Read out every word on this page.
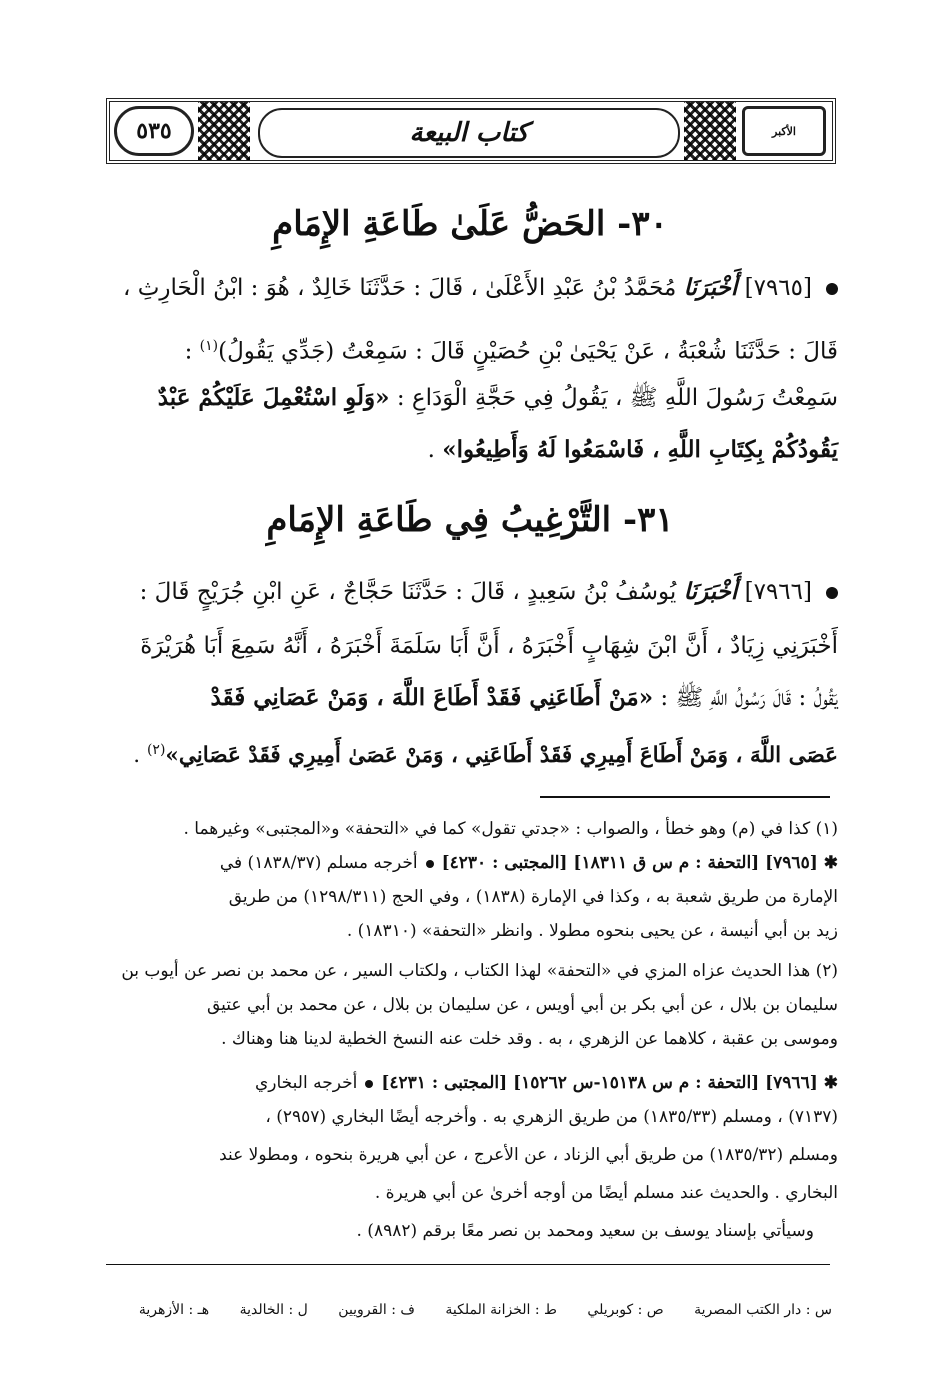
الأكبر
كتاب البيعة
٥٣٥
٣٠- الحَضُّ عَلَىٰ طَاعَةِ الإِمَامِ
[٧٩٦٥] أَخْبَرَنَا مُحَمَّدُ بْنُ عَبْدِ الأَعْلَىٰ ، قَالَ : حَدَّثَنَا خَالِدٌ ، هُوَ : ابْنُ الْحَارِثِ ،
قَالَ : حَدَّثَنَا شُعْبَةُ ، عَنْ يَحْيَىٰ بْنِ حُصَيْنٍ قَالَ : سَمِعْتُ (جَدِّي يَقُولُ)$^{(١)}$ :
سَمِعْتُ رَسُولَ اللَّهِ ﷺ ، يَقُولُ فِي حَجَّةِ الْوَدَاعِ : «وَلَوِ اسْتُعْمِلَ عَلَيْكُمْ عَبْدٌ
يَقُودُكُمْ بِكِتَابِ اللَّهِ ، فَاسْمَعُوا لَهُ وَأَطِيعُوا» .
٣١- التَّرْغِيبُ فِي طَاعَةِ الإِمَامِ
[٧٩٦٦] أَخْبَرَنَا يُوسُفُ بْنُ سَعِيدٍ ، قَالَ : حَدَّثَنَا حَجَّاجٌ ، عَنِ ابْنِ جُرَيْجٍ قَالَ :
أَخْبَرَنِي زِيَادٌ ، أَنَّ ابْنَ شِهَابٍ أَخْبَرَهُ ، أَنَّ أَبَا سَلَمَةَ أَخْبَرَهُ ، أَنَّهُ سَمِعَ أَبَا هُرَيْرَةَ
يَقُولُ : قَالَ رَسُولُ اللَّهِ ﷺ : «مَنْ أَطَاعَنِي فَقَدْ أَطَاعَ اللَّهَ ، وَمَنْ عَصَانِي فَقَدْ
عَصَى اللَّهَ ، وَمَنْ أَطَاعَ أَمِيرِي فَقَدْ أَطَاعَنِي ، وَمَنْ عَصَىٰ أَمِيرِي فَقَدْ عَصَانِي»$^{(٢)}$ .
(١) كذا في (م) وهو خطأ ، والصواب : «جدتي تقول» كما في «التحفة» و«المجتبى» وغيرهما .
✱[٧٩٦٥] [التحفة : م س ق ١٨٣١١] [المجتبى : ٤٢٣٠]أخرجه مسلم (١٨٣٨/٣٧) في
الإمارة من طريق شعبة به ، وكذا في الإمارة (١٨٣٨) ، وفي الحج (١٢٩٨/٣١١) من طريق
زيد بن أبي أنيسة ، عن يحيى بنحوه مطولا . وانظر «التحفة» (١٨٣١٠) .
(٢) هذا الحديث عزاه المزي في «التحفة» لهذا الكتاب ، ولكتاب السير ، عن محمد بن نصر عن أيوب بن
سليمان بن بلال ، عن أبي بكر بن أبي أويس ، عن سليمان بن بلال ، عن محمد بن أبي عتيق
وموسى بن عقبة ، كلاهما عن الزهري ، به . وقد خلت عنه النسخ الخطية لدينا هنا وهناك .
✱[٧٩٦٦] [التحفة : م س ١٥١٣٨-س ١٥٢٦٢] [المجتبى : ٤٢٣١]أخرجه البخاري
(٧١٣٧) ، ومسلم (١٨٣٥/٣٣) من طريق الزهري به . وأخرجه أيضًا البخاري (٢٩٥٧) ،
ومسلم (١٨٣٥/٣٢) من طريق أبي الزناد ، عن الأعرج ، عن أبي هريرة بنحوه ، ومطولا عند
البخاري . والحديث عند مسلم أيضًا من أوجه أخرىٰ عن أبي هريرة .
وسيأتي بإسناد يوسف بن سعيد ومحمد بن نصر معًا برقم (٨٩٨٢) .
س : دار الكتب المصرية ص : كوبريلي ط : الخزانة الملكية ف : القرويين ل : الخالدية هـ : الأزهرية
